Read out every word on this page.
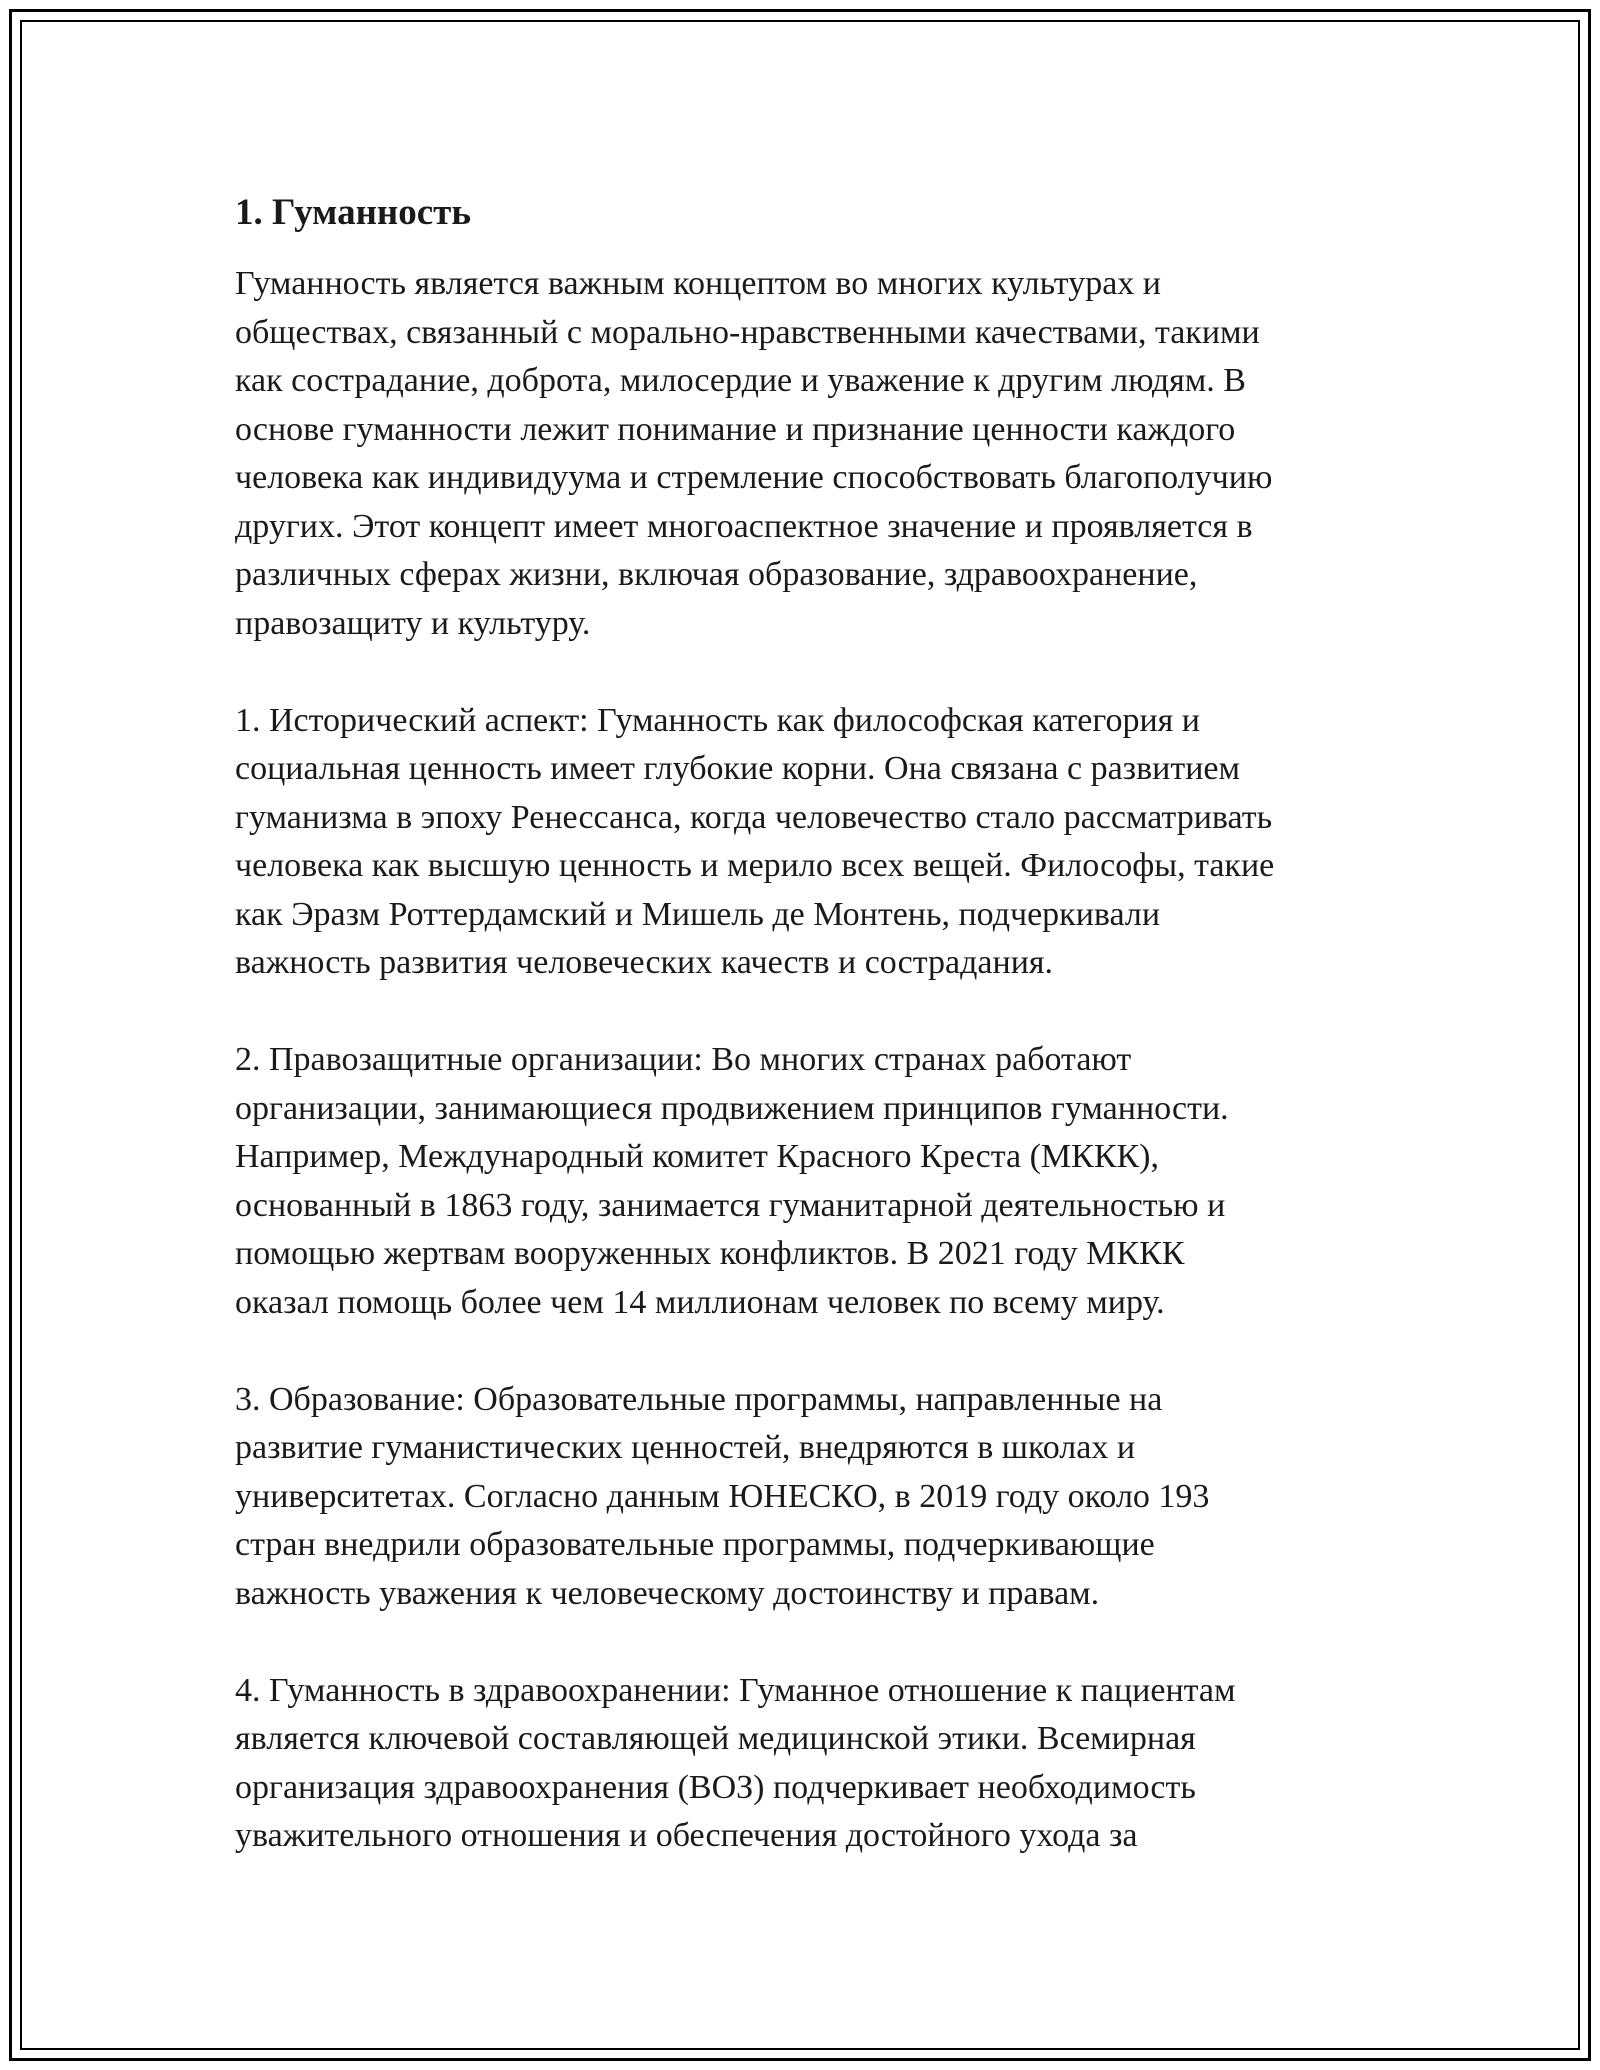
1. Гуманность

Гуманность является важным концептом во многих культурах и
обществах, связанный с морально-нравственными качествами, такими
как сострадание, доброта, милосердие и уважение к другим людям. В
основе гуманности лежит понимание и признание ценности каждого
человека как индивидуума и стремление способствовать благополучию
других. Этот концепт имеет многоаспектное значение и проявляется в
различных сферах жизни, включая образование, здравоохранение,
правозащиту и культуру.

1. Исторический аспект: Гуманность как философская категория и
социальная ценность имеет глубокие корни. Она связана с развитием
гуманизма в эпоху Ренессанса, когда человечество стало рассматривать
человека как высшую ценность и мерило всех вещей. Философы, такие
как Эразм Роттердамский и Мишель де Монтень, подчеркивали
важность развития человеческих качеств и сострадания.

2. Правозащитные организации: Во многих странах работают
организации, занимающиеся продвижением принципов гуманности.
Например, Международный комитет Красного Креста (МККК),
основанный в 1863 году, занимается гуманитарной деятельностью и
помощью жертвам вооруженных конфликтов. В 2021 году МККК
оказал помощь более чем 14 миллионам человек по всему миру.

3. Образование: Образовательные программы, направленные на
развитие гуманистических ценностей, внедряются в школах и
университетах. Согласно данным ЮНЕСКО, в 2019 году около 193
стран внедрили образовательные программы, подчеркивающие
важность уважения к человеческому достоинству и правам.

4. Гуманность в здравоохранении: Гуманное отношение к пациентам
является ключевой составляющей медицинской этики. Всемирная
организация здравоохранения (ВОЗ) подчеркивает необходимость
уважительного отношения и обеспечения достойного ухода за
